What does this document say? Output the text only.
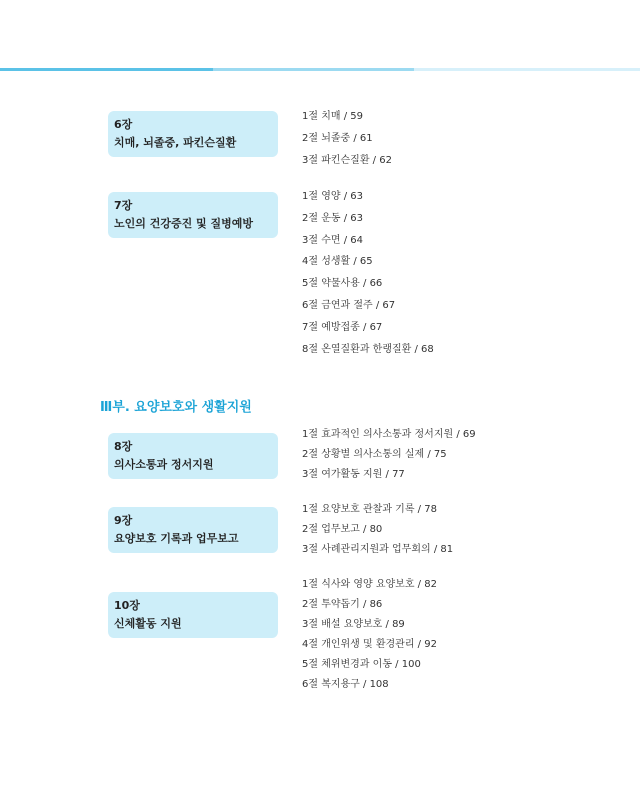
6장
치매, 뇌졸중, 파킨슨질환
1절 치매 / 59
2절 뇌졸중 / 61
3절 파킨슨질환 / 62
7장
노인의 건강증진 및 질병예방
1절 영양 / 63
2절 운동 / 63
3절 수면 / 64
4절 성생활 / 65
5절 약물사용 / 66
6절 금연과 절주 / 67
7절 예방접종 / 67
8절 온열질환과 한랭질환 / 68
Ⅲ부. 요양보호와 생활지원
8장
의사소통과 정서지원
1절 효과적인 의사소통과 정서지원 / 69
2절 상황별 의사소통의 실제 / 75
3절 여가활동 지원 / 77
9장
요양보호 기록과 업무보고
1절 요양보호 관찰과 기록 / 78
2절 업무보고 / 80
3절 사례관리지원과 업무회의 / 81
10장
신체활동 지원
1절 식사와 영양 요양보호 / 82
2절 투약돕기 / 86
3절 배설 요양보호 / 89
4절 개인위생 및 환경관리 / 92
5절 체위변경과 이동 / 100
6절 복지용구 / 108
